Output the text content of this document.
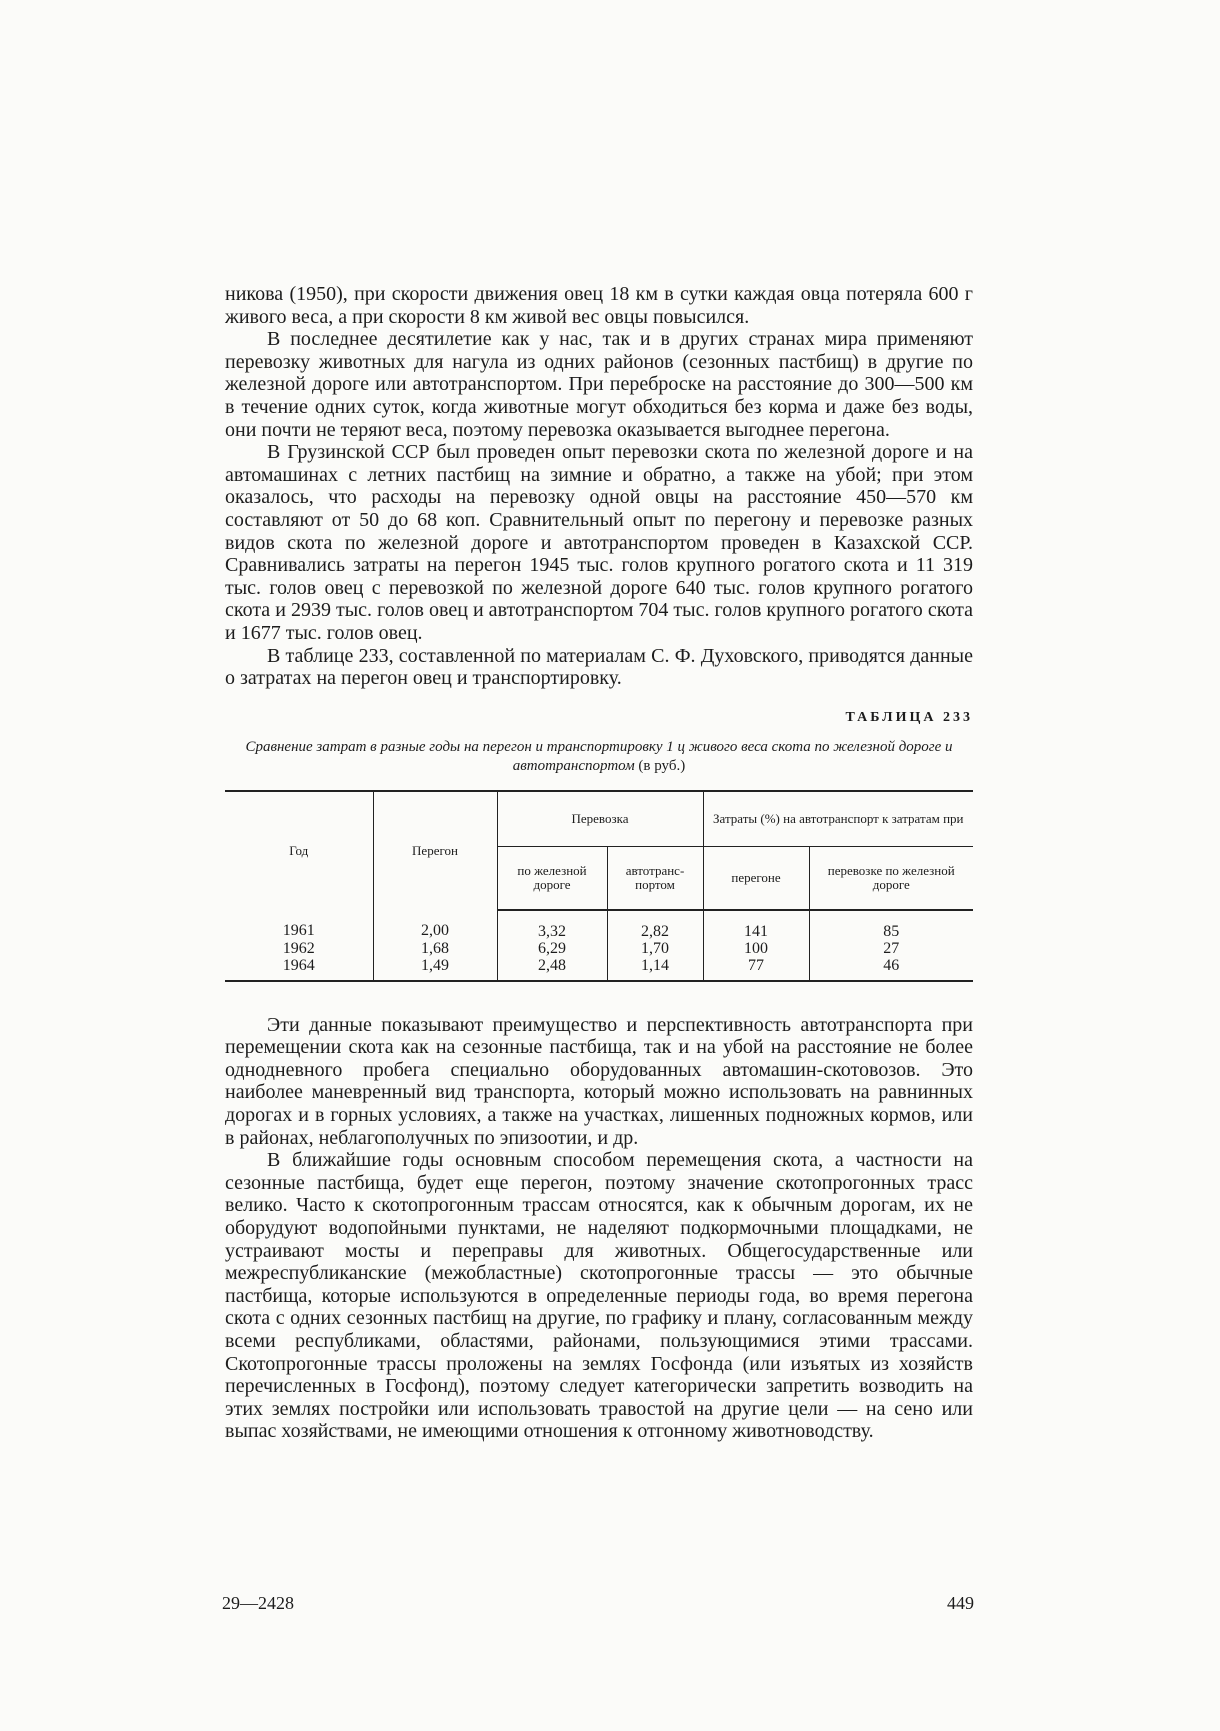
никова (1950), при скорости движения овец 18 км в сутки каждая овца потеряла 600 г живого веса, а при скорости 8 км живой вес овцы повысился.

В последнее десятилетие как у нас, так и в других странах мира применяют перевозку животных для нагула из одних районов (сезонных пастбищ) в другие по железной дороге или автотранспортом. При переброске на расстояние до 300—500 км в течение одних суток, когда животные могут обходиться без корма и даже без воды, они почти не теряют веса, поэтому перевозка оказывается выгоднее перегона.

В Грузинской ССР был проведен опыт перевозки скота по железной дороге и на автомашинах с летних пастбищ на зимние и обратно, а также на убой; при этом оказалось, что расходы на перевозку одной овцы на расстояние 450—570 км составляют от 50 до 68 коп. Сравнительный опыт по перегону и перевозке разных видов скота по железной дороге и автотранспортом проведен в Казахской ССР. Сравнивались затраты на перегон 1945 тыс. голов крупного рогатого скота и 11 319 тыс. голов овец с перевозкой по железной дороге 640 тыс. голов крупного рогатого скота и 2939 тыс. голов овец и автотранспортом 704 тыс. голов крупного рогатого скота и 1677 тыс. голов овец.

В таблице 233, составленной по материалам С. Ф. Духовского, приводятся данные о затратах на перегон овец и транспортировку.

ТАБЛИЦА 233
Сравнение затрат в разные годы на перегон и транспортировку 1 ц живого веса скота по железной дороге и автотранспортом (в руб.)
Год	Перегон	Перевозка		Затраты (%) на автотранспорт к затратам при	
		по железной дороге	автотранспортом	перегоне	перевозке по железной дороге
1961	2,00	3,32	2,82	141	85
1962	1,68	6,29	1,70	100	27
1964	1,49	2,48	1,14	77	46

Эти данные показывают преимущество и перспективность автотранспорта при перемещении скота как на сезонные пастбища, так и на убой на расстояние не более однодневного пробега специально оборудованных автомашин-скотовозов. Это наиболее маневренный вид транспорта, который можно использовать на равнинных дорогах и в горных условиях, а также на участках, лишенных подножных кормов, или в районах, неблагополучных по эпизоотии, и др.

В ближайшие годы основным способом перемещения скота, а частности на сезонные пастбища, будет еще перегон, поэтому значение скотопрогонных трасс велико. Часто к скотопрогонным трассам относятся, как к обычным дорогам, их не оборудуют водопойными пунктами, не наделяют подкормочными площадками, не устраивают мосты и переправы для животных. Общегосударственные или межреспубликанские (межобластные) скотопрогонные трассы — это обычные пастбища, которые используются в определенные периоды года, во время перегона скота с одних сезонных пастбищ на другие, по графику и плану, согласованным между всеми республиками, областями, районами, пользующимися этими трассами. Скотопрогонные трассы проложены на землях Госфонда (или изъятых из хозяйств перечисленных в Госфонд), поэтому следует категорически запретить возводить на этих землях постройки или использовать травостой на другие цели — на сено или выпас хозяйствами, не имеющими отношения к отгонному животноводству.

29—2428	449
